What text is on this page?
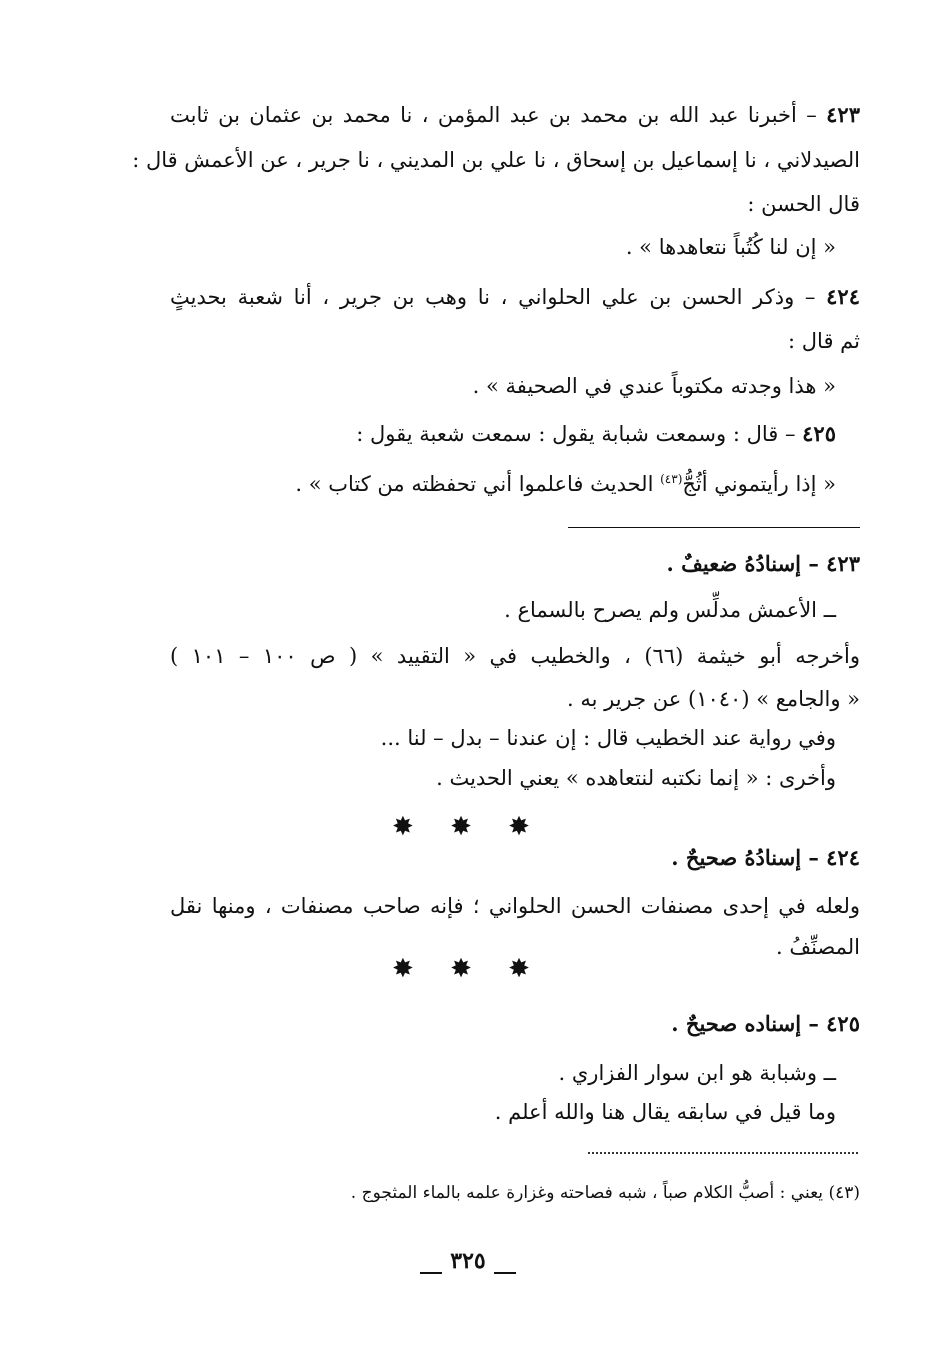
٤٢٣ – أخبرنا عبد الله بن محمد بن عبد المؤمن ، نا محمد بن عثمان بن ثابت
الصيدلاني ، نا إسماعيل بن إسحاق ، نا علي بن المديني ، نا جرير ، عن الأعمش قال :
قال الحسن :
« إن لنا كُتُباً نتعاهدها » .
٤٢٤ – وذكر الحسن بن علي الحلواني ، نا وهب بن جرير ، أنا شعبة بحديثٍ
ثم قال :
« هذا وجدته مكتوباً عندي في الصحيفة » .
٤٢٥ – قال : وسمعت شبابة يقول : سمعت شعبة يقول :
« إذا رأيتموني أثُجُّ$^{(٤٣)}$ الحديث فاعلموا أني تحفظته من كتاب » .
٤٢٣ – إسنادُهُ ضعيفٌ .
ــ الأعمش مدلِّس ولم يصرح بالسماع .
وأخرجه أبو خيثمة (٦٦) ، والخطيب في « التقييد » ( ص ١٠٠ – ١٠١ )
« والجامع » (١٠٤٠) عن جرير به .
وفي رواية عند الخطيب قال : إن عندنا – بدل – لنا ...
وأخرى : « إنما نكتبه لنتعاهده » يعني الحديث .
✸ ✸ ✸
٤٢٤ – إسنادُهُ صحيحٌ .
ولعله في إحدى مصنفات الحسن الحلواني ؛ فإنه صاحب مصنفات ، ومنها نقل
المصنِّفُ .
✸ ✸ ✸
٤٢٥ – إسناده صحيحٌ .
ــ وشبابة هو ابن سوار الفزاري .
وما قيل في سابقه يقال هنا والله أعلم .
(٤٣) يعني : أصبُّ الكلام صباً ، شبه فصاحته وغزارة علمه بالماء المثجوج .
٣٢٥
